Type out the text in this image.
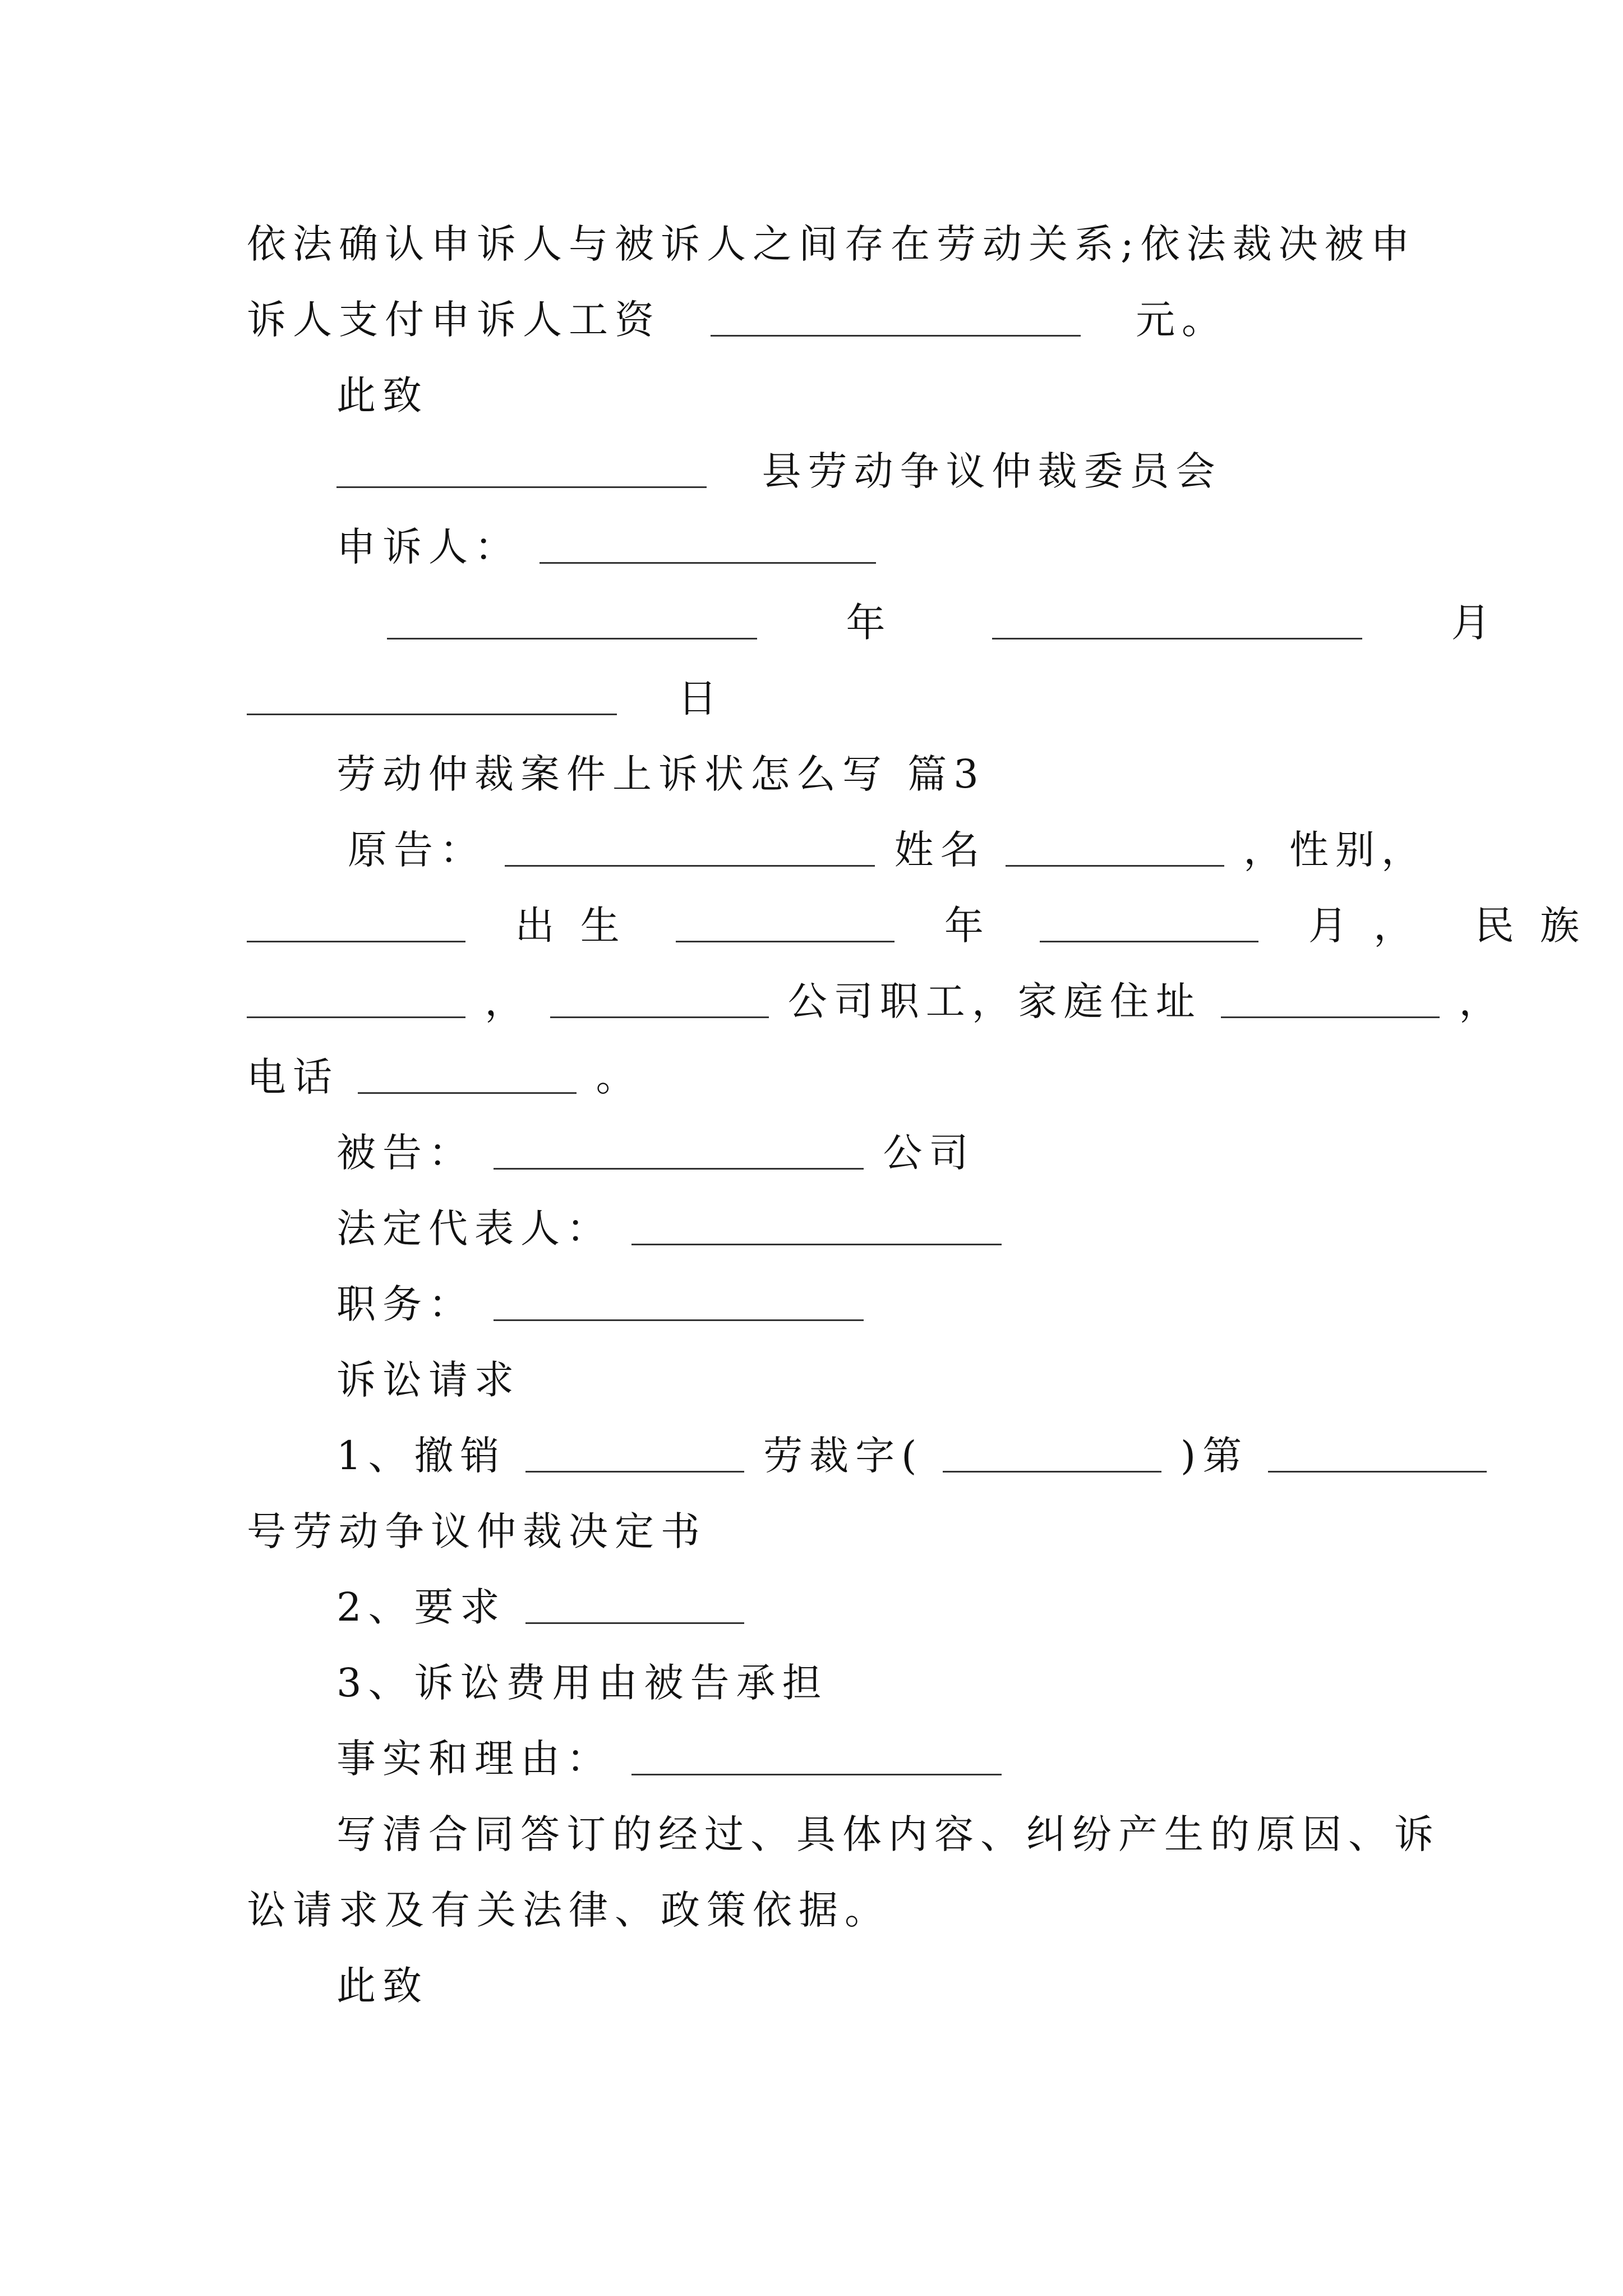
依法确认申诉人与被诉人之间存在劳动关系;依法裁决被申
诉人支付申诉人工资	元。
此致
县劳动争议仲裁委员会
申诉人：
年	月
日
劳动仲裁案件上诉状怎么写 篇3
原告：	姓名	，性别，
出 生	年	月 ， 民 族
，	公司职工，家庭住址	，
电话	。
被告：	公司
法定代表人：
职务：
诉讼请求
1、撤销	劳裁字(	)第
号劳动争议仲裁决定书
2、要求
3、诉讼费用由被告承担
事实和理由：
写清合同答订的经过、具体内容、纠纷产生的原因、诉
讼请求及有关法律、政策依据。
此致
